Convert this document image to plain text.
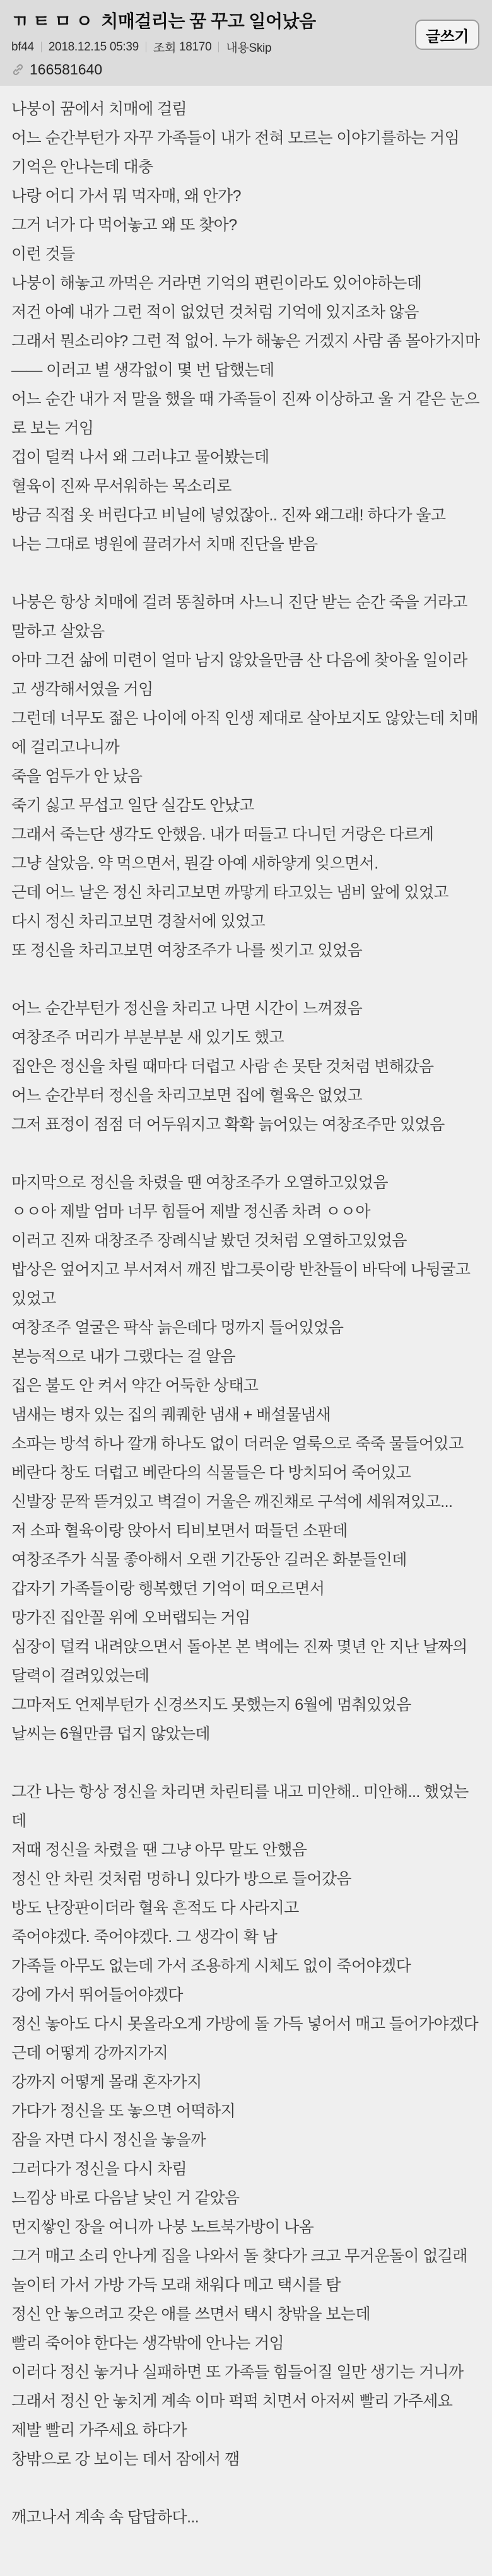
ㄲㅌㅁㅇ 치매걸리는 꿈 꾸고 일어났음
bf44 2018.12.15 05:39 조회
18170 내용Skip
166581640
글쓰기

나붕이 꿈에서 치매에 걸림

어느 순간부턴가 자꾸 가족들이 내가 전혀 모르는 이야기를하는 거임

기억은 안나는데 대충

나랑 어디 가서 뭐 먹자매, 왜 안가?

그거 너가 다 먹어놓고 왜 또 찾아?

이런 것들

나붕이 해놓고 까먹은 거라면 기억의 편린이라도 있어야하는데

저건 아예 내가 그런 적이 없었던 것처럼 기억에 있지조차 않음

그래서 뭔소리야? 그런 적 없어. 누가 해놓은 거겠지 사람 좀 몰아가지마—— 이러고 별 생각없이 몇 번 답했는데

어느 순간 내가 저 말을 했을 때 가족들이 진짜 이상하고 울 거 같은 눈으로 보는 거임

겁이 덜컥 나서 왜 그러냐고 물어봤는데

혈육이 진짜 무서워하는 목소리로

방금 직접 옷 버린다고 비닐에 넣었잖아.. 진짜 왜그래! 하다가 울고

나는 그대로 병원에 끌려가서 치매 진단을 받음

나붕은 항상 치매에 걸려 똥칠하며 사느니 진단 받는 순간 죽을 거라고 말하고 살았음

아마 그건 삶에 미련이 얼마 남지 않았을만큼 산 다음에 찾아올 일이라고 생각해서였을 거임

그런데 너무도 젊은 나이에 아직 인생 제대로 살아보지도 않았는데 치매에 걸리고나니까

죽을 엄두가 안 났음

죽기 싫고 무섭고 일단 실감도 안났고

그래서 죽는단 생각도 안했음. 내가 떠들고 다니던 거랑은 다르게

그냥 살았음. 약 먹으면서, 뭔갈 아예 새하얗게 잊으면서.

근데 어느 날은 정신 차리고보면 까맣게 타고있는 냄비 앞에 있었고

다시 정신 차리고보면 경찰서에 있었고

또 정신을 차리고보면 여창조주가 나를 씻기고 있었음

어느 순간부턴가 정신을 차리고 나면 시간이 느껴졌음

여창조주 머리가 부분부분 새 있기도 했고

집안은 정신을 차릴 때마다 더럽고 사람 손 못탄 것처럼 변해갔음

어느 순간부터 정신을 차리고보면 집에 혈육은 없었고

그저 표정이 점점 더 어두워지고 확확 늙어있는 여창조주만 있었음

마지막으로 정신을 차렸을 땐 여창조주가 오열하고있었음

ㅇㅇ아 제발 엄마 너무 힘들어 제발 정신좀 차려 ㅇㅇ아

이러고 진짜 대창조주 장례식날 봤던 것처럼 오열하고있었음

밥상은 엎어지고 부서져서 깨진 밥그릇이랑 반찬들이 바닥에 나뒹굴고 있었고

여창조주 얼굴은 팍삭 늙은데다 멍까지 들어있었음

본능적으로 내가 그랬다는 걸 알음

집은 불도 안 켜서 약간 어둑한 상태고

냄새는 병자 있는 집의 퀘퀘한 냄새 + 배설물냄새

소파는 방석 하나 깔개 하나도 없이 더러운 얼룩으로 죽죽 물들어있고

베란다 창도 더럽고 베란다의 식물들은 다 방치되어 죽어있고

신발장 문짝 뜯겨있고 벽걸이 거울은 깨진채로 구석에 세워져있고...

저 소파 혈육이랑 앉아서 티비보면서 떠들던 소판데

여창조주가 식물 좋아해서 오랜 기간동안 길러온 화분들인데

갑자기 가족들이랑 행복했던 기억이 떠오르면서

망가진 집안꼴 위에 오버랩되는 거임

심장이 덜컥 내려앉으면서 돌아본 본 벽에는 진짜 몇년 안 지난 날짜의 달력이 걸려있었는데

그마저도 언제부턴가 신경쓰지도 못했는지 6월에 멈춰있었음

날씨는 6월만큼 덥지 않았는데

그간 나는 항상 정신을 차리면 차린티를 내고 미안해.. 미안해... 했었는데

저때 정신을 차렸을 땐 그냥 아무 말도 안했음

정신 안 차린 것처럼 멍하니 있다가 방으로 들어갔음

방도 난장판이더라 혈육 흔적도 다 사라지고

죽어야겠다. 죽어야겠다. 그 생각이 확 남

가족들 아무도 없는데 가서 조용하게 시체도 없이 죽어야겠다

강에 가서 뛰어들어야겠다

정신 놓아도 다시 못올라오게 가방에 돌 가득 넣어서 매고 들어가야겠다

근데 어떻게 강까지가지

강까지 어떻게 몰래 혼자가지

가다가 정신을 또 놓으면 어떡하지

잠을 자면 다시 정신을 놓을까

그러다가 정신을 다시 차림

느낌상 바로 다음날 낮인 거 같았음

먼지쌓인 장을 여니까 나붕 노트북가방이 나옴

그거 매고 소리 안나게 집을 나와서 돌 찾다가 크고 무거운돌이 없길래

놀이터 가서 가방 가득 모래 채워다 메고 택시를 탐

정신 안 놓으려고 갖은 애를 쓰면서 택시 창밖을 보는데

빨리 죽어야 한다는 생각밖에 안나는 거임

이러다 정신 놓거나 실패하면 또 가족들 힘들어질 일만 생기는 거니까

그래서 정신 안 놓치게 계속 이마 퍽퍽 치면서 아저씨 빨리 가주세요

제발 빨리 가주세요 하다가

창밖으로 강 보이는 데서 잠에서 깸

깨고나서 계속 속 답답하다...
